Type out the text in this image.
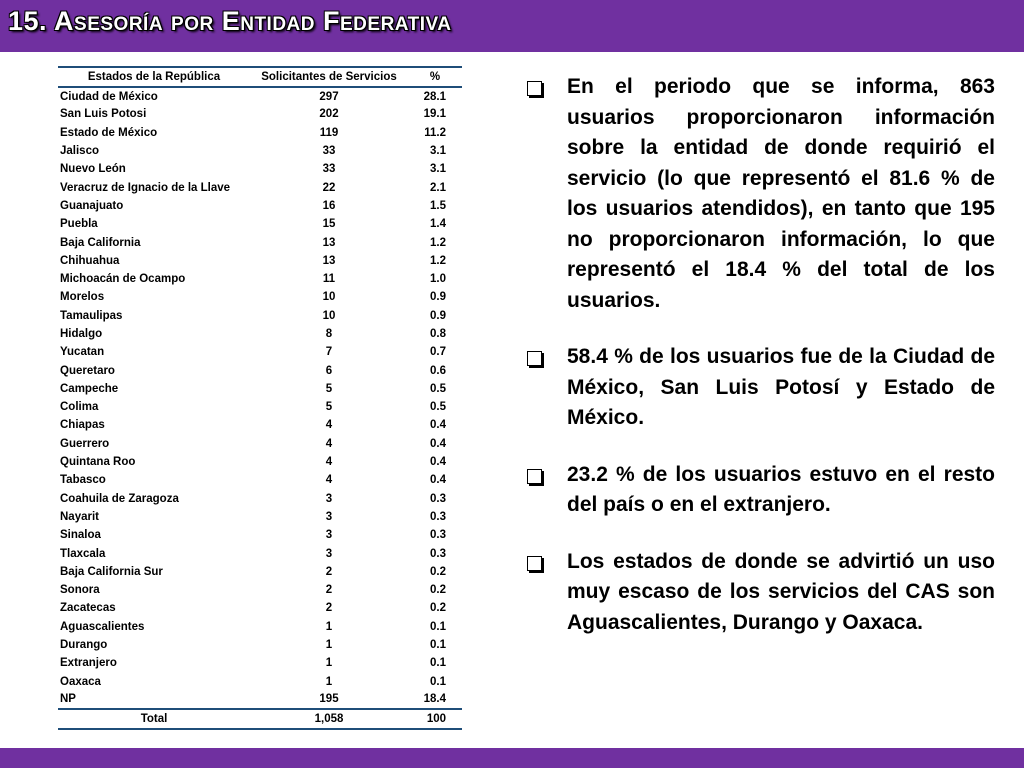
15. Asesoría por Entidad Federativa
Estados de la República	Solicitantes de Servicios	%
Ciudad de México	297	28.1
San Luis Potosi	202	19.1
Estado de México	119	11.2
Jalisco	33	3.1
Nuevo León	33	3.1
Veracruz de Ignacio de la Llave	22	2.1
Guanajuato	16	1.5
Puebla	15	1.4
Baja California	13	1.2
Chihuahua	13	1.2
Michoacán de Ocampo	11	1.0
Morelos	10	0.9
Tamaulipas	10	0.9
Hidalgo	8	0.8
Yucatan	7	0.7
Queretaro	6	0.6
Campeche	5	0.5
Colima	5	0.5
Chiapas	4	0.4
Guerrero	4	0.4
Quintana Roo	4	0.4
Tabasco	4	0.4
Coahuila de Zaragoza	3	0.3
Nayarit	3	0.3
Sinaloa	3	0.3
Tlaxcala	3	0.3
Baja California Sur	2	0.2
Sonora	2	0.2
Zacatecas	2	0.2
Aguascalientes	1	0.1
Durango	1	0.1
Extranjero	1	0.1
Oaxaca	1	0.1
NP	195	18.4
Total	1,058	100
En el periodo que se informa, 863 usuarios proporcionaron información sobre la entidad de donde requirió el servicio (lo que representó el 81.6 % de los usuarios atendidos), en tanto que 195 no proporcionaron información, lo que representó el 18.4 % del total de los usuarios.
58.4 % de los usuarios fue de la Ciudad de México, San Luis Potosí y Estado de México.
23.2 % de los usuarios estuvo en el resto del país o en el extranjero.
Los estados de donde se advirtió un uso muy escaso de los servicios del CAS son Aguascalientes, Durango y Oaxaca.
